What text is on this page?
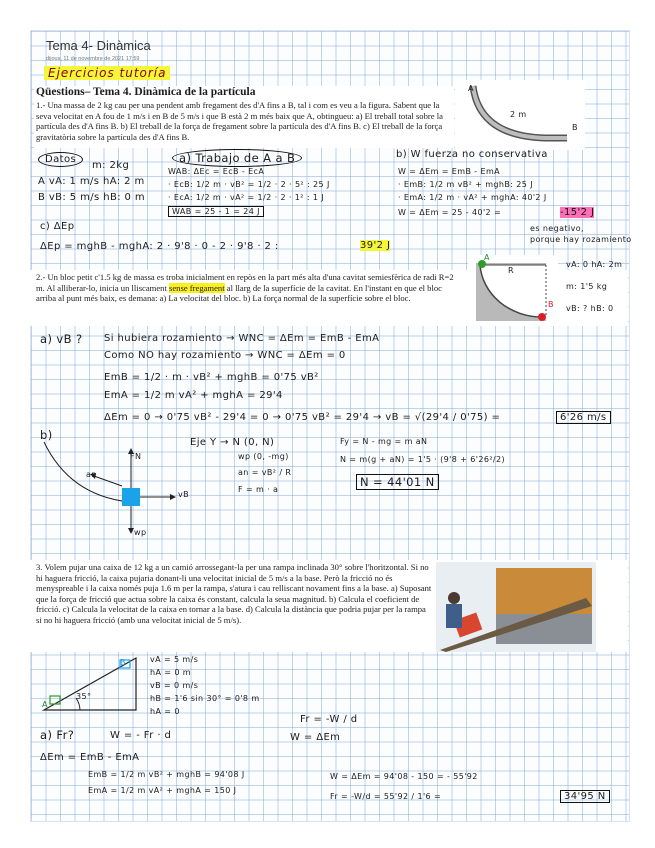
Tema 4- Dinàmica
dijous, 11 de novembre de 2021 17:59
Ejercicios tutoría
Qüestions– Tema 4. Dinàmica de la partícula
1.- Una massa de 2 kg cau per una pendent amb fregament des d'A fins a B, tal i com es veu a la figura. Sabent que la seva velocitat en A fou de 1 m/s i en B de 5 m/s i que B està 2 m més baix que A, obtingueu: a) El treball total sobre la partícula des d'A fins B. b) El treball de la força de fregament sobre la partícula des d'A fins B. c) El treball de la força gravitatòria sobre la partícula des d'A fins B.
A
B
2 m
Datos
m: 2kg
A vA: 1 m/s hA: 2 m
B vB: 5 m/s hB: 0 m
a) Trabajo de A a B
WAB: ΔEc = EcB - EcA
· EcB: 1/2 m · vB² = 1/2 · 2 · 5² : 25 J
· EcA: 1/2 m · vA² = 1/2 · 2 · 1² : 1 J
WAB = 25 - 1 = 24 J
b) W fuerza no conservativa
W = ΔEm = EmB - EmA
· EmB: 1/2 m vB² + mghB: 25 J
· EmA: 1/2 m · vA² + mghA: 40'2 J
W = ΔEm = 25 - 40'2 =	-15'2 J
es negativo,
porque hay rozamiento
c) ΔEp
ΔEp = mghB - mghA: 2 · 9'8 · 0 - 2 · 9'8 · 2 :	39'2 J
2.- Un bloc petit c'1.5 kg de massa es troba inicialment en repòs en la part més alta d'una cavitat semiesfèrica de radi R=2 m. Al alliberar-lo, inicia un lliscament sense fregament al llarg de la superfície de la cavitat. En l'instant en que el bloc arriba al punt més baix, es demana: a) La velocitat del bloc. b) La força normal de la superfície sobre el bloc.
A
B
R
vA: 0 hA: 2m
m: 1'5 kg
vB: ? hB: 0
a) vB ? Si hubiera rozamiento → WNC = ΔEm = EmB - EmA
Como NO hay rozamiento → WNC = ΔEm = 0
EmB = 1/2 · m · vB² + mghB = 0'75 vB²
EmA = 1/2 m vA² + mghA = 29'4
ΔEm = 0 → 0'75 vB² - 29'4 = 0 → 0'75 vB² = 29'4 → vB = √(29'4 / 0'75) =	6'26 m/s
b)
FN
an
vB
wp
Eje Y → N (0, N)
wp (0, -mg)
an = vB² / R
F = m · a
Fy = N - mg = m aN
N = m(g + aN) = 1'5 · (9'8 + 6'26²/2)
N = 44'01 N
3. Volem pujar una caixa de 12 kg a un camió arrossegant-la per una rampa inclinada 30° sobre l'horitzontal. Si no hi haguera fricció, la caixa pujaria donant-li una velocitat inicial de 5 m/s a la base. Però la fricció no és menyspreable i la caixa només puja 1.6 m per la rampa, s'atura i cau relliscant novament fins a la base. a) Suposant que la força de fricció que actua sobre la caixa és constant, calcula la seua magnitud. b) Calcula el coeficient de fricció. c) Calcula la velocitat de la caixa en tornar a la base. d) Calcula la distància que podria pujar per la rampa si no hi haguera fricció (amb una velocitat inicial de 5 m/s).
35°
A
B	vA = 5 m/s
hA = 0 m
vB = 0 m/s
hB = 1'6 sin 30° = 0'8 m
hA = 0
a) Fr?	W = - Fr · d	W = ΔEm
Fr = -W / d
ΔEm = EmB - EmA
EmB = 1/2 m vB² + mghB = 94'08 J
EmA = 1/2 m vA² + mghA = 150 J
W = ΔEm = 94'08 - 150 = - 55'92
Fr = -W/d = 55'92 / 1'6 =	34'95 N
